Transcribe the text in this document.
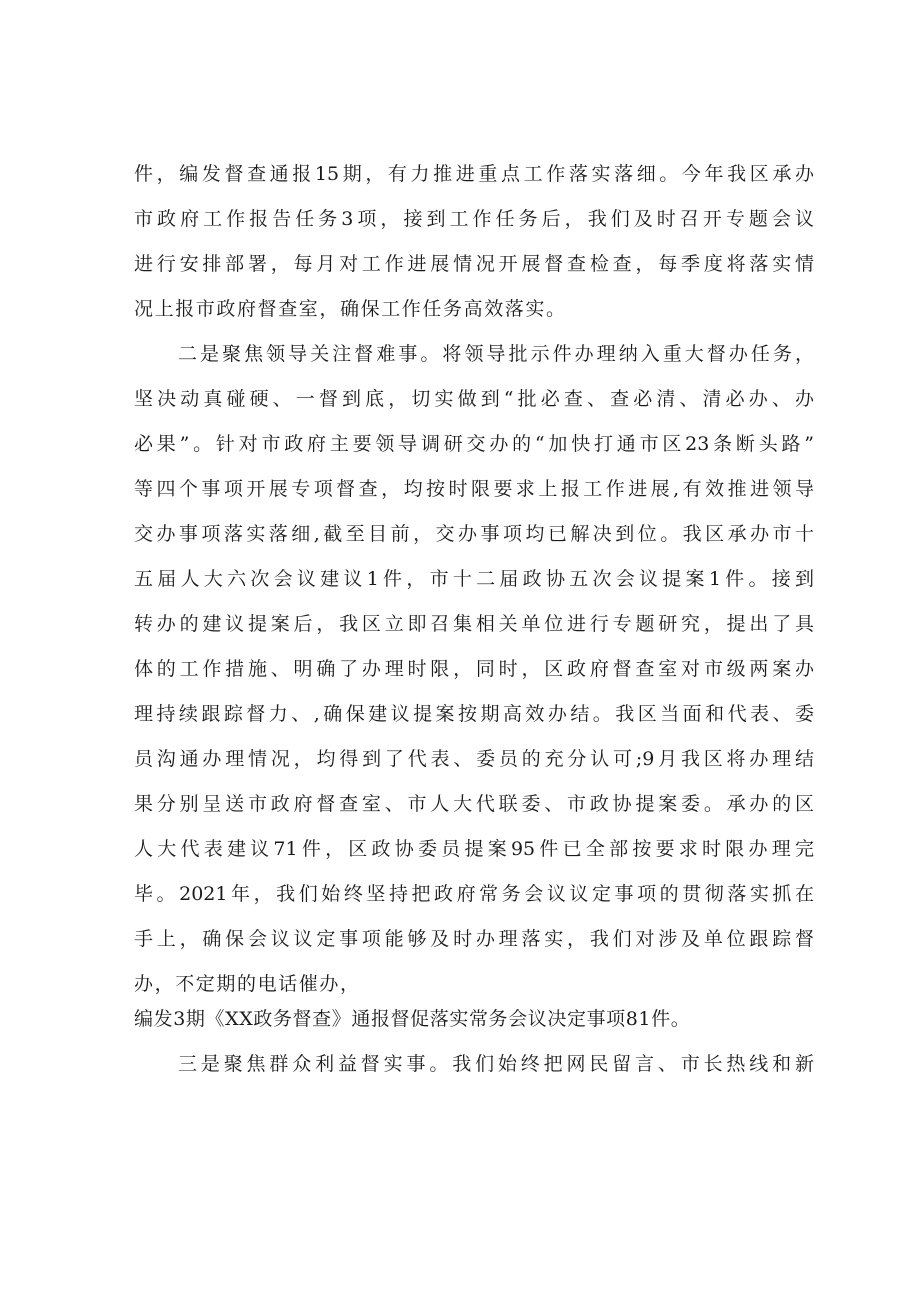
件，编发督查通报15期，有力推进重点工作落实落细。今年我区承办
市政府工作报告任务3项，接到工作任务后，我们及时召开专题会议
进行安排部署，每月对工作进展情况开展督查检查，每季度将落实情
况上报市政府督查室，确保工作任务高效落实。
二是聚焦领导关注督难事。将领导批示件办理纳入重大督办任务，
坚决动真碰硬、一督到底，切实做到“批必查、查必清、清必办、办
必果”。针对市政府主要领导调研交办的“加快打通市区23条断头路”
等四个事项开展专项督查，均按时限要求上报工作进展,有效推进领导
交办事项落实落细,截至目前，交办事项均已解决到位。我区承办市十
五届人大六次会议建议1件，市十二届政协五次会议提案1件。接到
转办的建议提案后，我区立即召集相关单位进行专题研究，提出了具
体的工作措施、明确了办理时限，同时，区政府督查室对市级两案办
理持续跟踪督力、,确保建议提案按期高效办结。我区当面和代表、委
员沟通办理情况，均得到了代表、委员的充分认可;9月我区将办理结
果分别呈送市政府督查室、市人大代联委、市政协提案委。承办的区
人大代表建议71件，区政协委员提案95件已全部按要求时限办理完
毕。2021年，我们始终坚持把政府常务会议议定事项的贯彻落实抓在
手上，确保会议议定事项能够及时办理落实，我们对涉及单位跟踪督
办，不定期的电话催办，
编发3期《XX政务督查》通报督促落实常务会议决定事项81件。
三是聚焦群众利益督实事。我们始终把网民留言、市长热线和新
